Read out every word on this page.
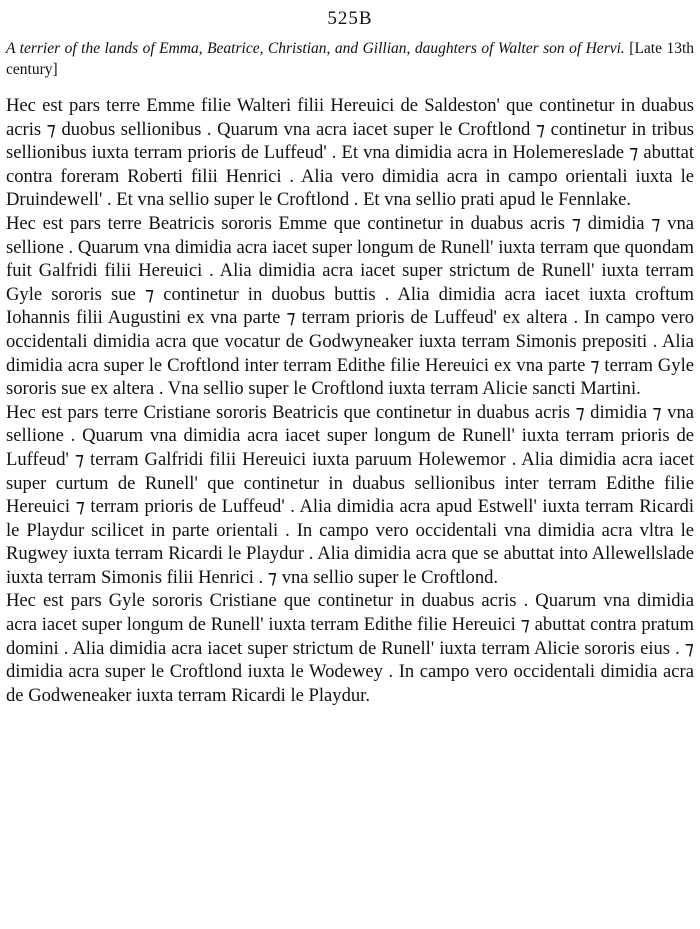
525B

A terrier of the lands of Emma, Beatrice, Christian, and Gillian, daughters of Walter son of Hervi. [Late 13th century]

Hec est pars terre Emme filie Walteri filii Hereuici de Saldeston' que continetur in duabus acris ⁊ duobus sellionibus . Quarum vna acra iacet super le Croftlond ⁊ continetur in tribus sellionibus iuxta terram prioris de Luffeud' . Et vna dimidia acra in Holemereslade ⁊ abuttat contra foreram Roberti filii Henrici . Alia vero dimidia acra in campo orientali iuxta le Druindewell' . Et vna sellio super le Croftlond . Et vna sellio prati apud le Fennlake.

Hec est pars terre Beatricis sororis Emme que continetur in duabus acris ⁊ dimidia ⁊ vna sellione . Quarum vna dimidia acra iacet super longum de Runell' iuxta terram que quondam fuit Galfridi filii Hereuici . Alia dimidia acra iacet super strictum de Runell' iuxta terram Gyle sororis sue ⁊ continetur in duobus buttis . Alia dimidia acra iacet iuxta croftum Iohannis filii Augustini ex vna parte ⁊ terram prioris de Luffeud' ex altera . In campo vero occidentali dimidia acra que vocatur de Godwyneaker iuxta terram Simonis prepositi . Alia dimidia acra super le Croftlond inter terram Edithe filie Hereuici ex vna parte ⁊ terram Gyle sororis sue ex altera . Vna sellio super le Croftlond iuxta terram Alicie sancti Martini.

Hec est pars terre Cristiane sororis Beatricis que continetur in duabus acris ⁊ dimidia ⁊ vna sellione . Quarum vna dimidia acra iacet super longum de Runell' iuxta terram prioris de Luffeud' ⁊ terram Galfridi filii Hereuici iuxta paruum Holewemor . Alia dimidia acra iacet super curtum de Runell' que continetur in duabus sellionibus inter terram Edithe filie Hereuici ⁊ terram prioris de Luffeud' . Alia dimidia acra apud Estwell' iuxta terram Ricardi le Playdur scilicet in parte orientali . In campo vero occidentali vna dimidia acra vltra le Rugwey iuxta terram Ricardi le Playdur . Alia dimidia acra que se abuttat into Allewellslade iuxta terram Simonis filii Henrici . ⁊ vna sellio super le Croftlond.

Hec est pars Gyle sororis Cristiane que continetur in duabus acris . Quarum vna dimidia acra iacet super longum de Runell' iuxta terram Edithe filie Hereuici ⁊ abuttat contra pratum domini . Alia dimidia acra iacet super strictum de Runell' iuxta terram Alicie sororis eius . ⁊ dimidia acra super le Croftlond iuxta le Wodewey . In campo vero occidentali dimidia acra de Godweneaker iuxta terram Ricardi le Playdur.
